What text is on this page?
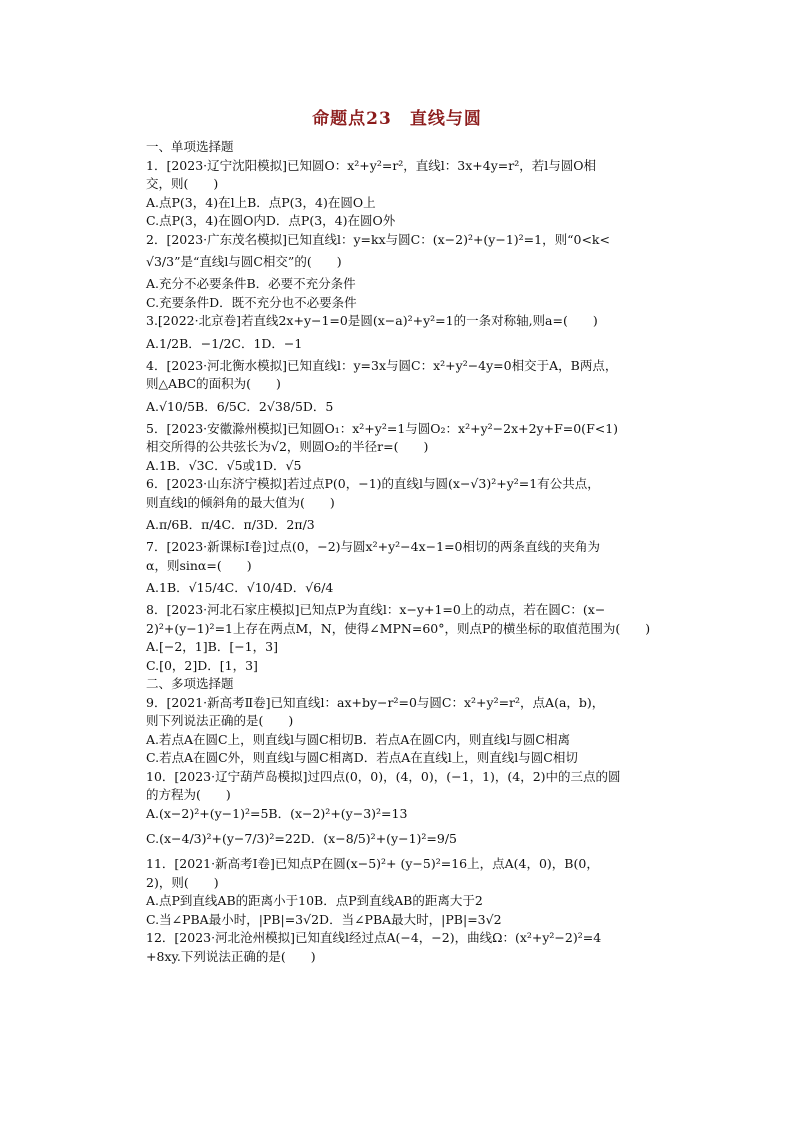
命题点23　直线与圆
一、单项选择题
1．[2023·辽宁沈阳模拟]已知圆O：x²+y²=r²，直线l：3x+4y=r²，若l与圆O相
交，则(　　)
A.点P(3，4)在l上B．点P(3，4)在圆O上
C.点P(3，4)在圆O内D．点P(3，4)在圆O外
2．[2023·广东茂名模拟]已知直线l：y=kx与圆C：(x−2)²+(y−1)²=1，则“0<k<
√3/3”是“直线l与圆C相交”的(　　)
A.充分不必要条件B．必要不充分条件
C.充要条件D．既不充分也不必要条件
3.[2022·北京卷]若直线2x+y−1=0是圆(x−a)²+y²=1的一条对称轴,则a=(　　)
A.1/2B．−1/2C．1D．−1
4．[2023·河北衡水模拟]已知直线l：y=3x与圆C：x²+y²−4y=0相交于A，B两点，
则△ABC的面积为(　　)
A.√10/5B．6/5C．2√38/5D．5
5．[2023·安徽滁州模拟]已知圆O₁：x²+y²=1与圆O₂：x²+y²−2x+2y+F=0(F<1)
相交所得的公共弦长为√2，则圆O₂的半径r=(　　)
A.1B．√3C．√5或1D．√5
6．[2023·山东济宁模拟]若过点P(0，−1)的直线l与圆(x−√3)²+y²=1有公共点，
则直线l的倾斜角的最大值为(　　)
A.π/6B．π/4C．π/3D．2π/3
7．[2023·新课标Ⅰ卷]过点(0，−2)与圆x²+y²−4x−1=0相切的两条直线的夹角为
α，则sinα=(　　)
A.1B．√15/4C．√10/4D．√6/4
8．[2023·河北石家庄模拟]已知点P为直线l：x−y+1=0上的动点，若在圆C：(x−
2)²+(y−1)²=1上存在两点M，N，使得∠MPN=60°，则点P的横坐标的取值范围为(　　)
A.[−2，1]B．[−1，3]
C.[0，2]D．[1，3]
二、多项选择题
9．[2021·新高考Ⅱ卷]已知直线l：ax+by−r²=0与圆C：x²+y²=r²，点A(a，b)，
则下列说法正确的是(　　)
A.若点A在圆C上，则直线l与圆C相切B．若点A在圆C内，则直线l与圆C相离
C.若点A在圆C外，则直线l与圆C相离D．若点A在直线l上，则直线l与圆C相切
10．[2023·辽宁葫芦岛模拟]过四点(0，0)，(4，0)，(−1，1)，(4，2)中的三点的圆
的方程为(　　)
A.(x−2)²+(y−1)²=5B．(x−2)²+(y−3)²=13
C.(x−4/3)²+(y−7/3)²=22D．(x−8/5)²+(y−1)²=9/5
11．[2021·新高考Ⅰ卷]已知点P在圆(x−5)²+ (y−5)²=16上，点A(4，0)，B(0，
2)，则(　　)
A.点P到直线AB的距离小于10B．点P到直线AB的距离大于2
C.当∠PBA最小时，|PB|=3√2D．当∠PBA最大时，|PB|=3√2
12．[2023·河北沧州模拟]已知直线l经过点A(−4，−2)，曲线Ω：(x²+y²−2)²=4
+8xy.下列说法正确的是(　　)
